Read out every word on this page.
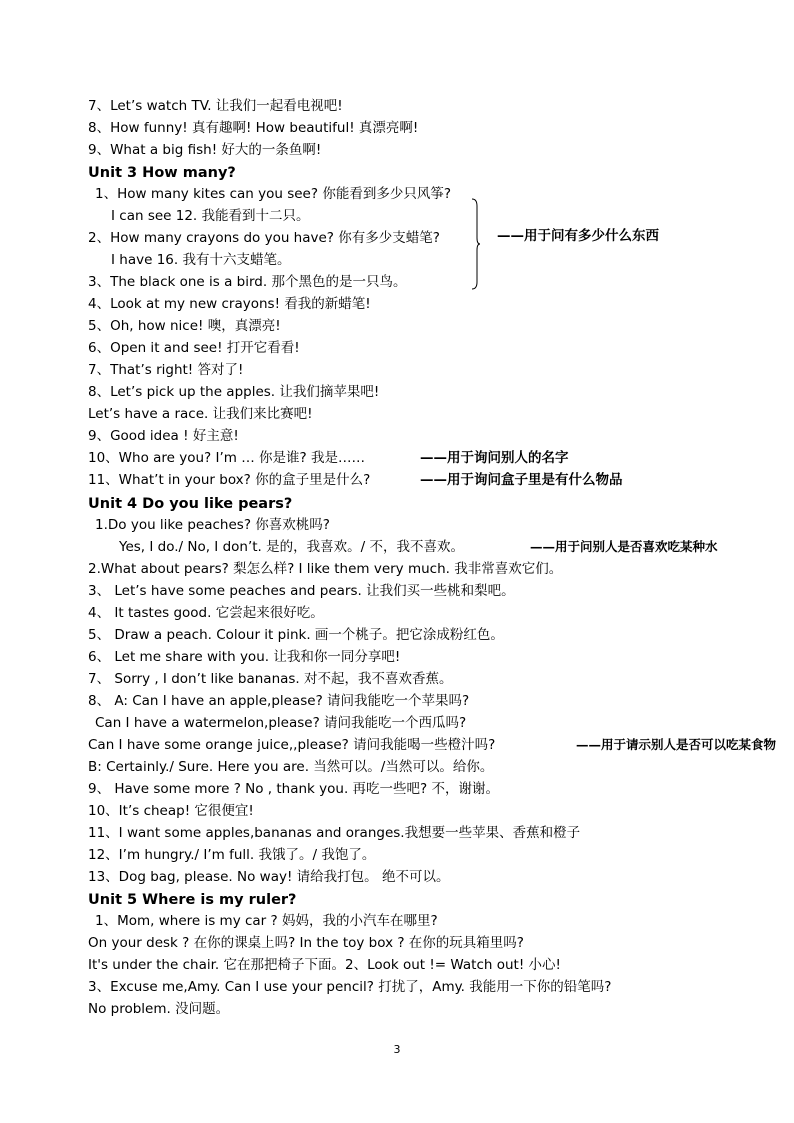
7、Let’s watch TV. 让我们一起看电视吧!
8、How funny! 真有趣啊! How beautiful! 真漂亮啊!
9、What a big fish! 好大的一条鱼啊!
Unit 3 How many?
1、How many kites can you see? 你能看到多少只风筝?
I can see 12. 我能看到十二只。
2、How many crayons do you have? 你有多少支蜡笔?
I have 16. 我有十六支蜡笔。
3、The black one is a bird. 那个黑色的是一只鸟。
4、Look at my new crayons! 看我的新蜡笔!
5、Oh, how nice! 噢，真漂亮!
6、Open it and see! 打开它看看!
7、That’s right! 答对了!
8、Let’s pick up the apples. 让我们摘苹果吧!
Let’s have a race. 让我们来比赛吧!
9、Good idea ! 好主意!
10、Who are you? I’m … 你是谁? 我是……
11、What’t in your box? 你的盒子里是什么?
——用于问有多少什么东西
——用于询问别人的名字
——用于询问盒子里是有什么物品
Unit 4 Do you like pears?
1.Do you like peaches? 你喜欢桃吗?
Yes, I do./ No, I don’t. 是的，我喜欢。/ 不，我不喜欢。	——用于问别人是否喜欢吃某种水
2.What about pears? 梨怎么样? I like them very much. 我非常喜欢它们。
3、 Let’s have some peaches and pears. 让我们买一些桃和梨吧。
4、 It tastes good. 它尝起来很好吃。
5、 Draw a peach. Colour it pink. 画一个桃子。把它涂成粉红色。
6、 Let me share with you. 让我和你一同分享吧!
7、 Sorry , I don’t like bananas. 对不起，我不喜欢香蕉。
8、 A: Can I have an apple,please? 请问我能吃一个苹果吗?
Can I have a watermelon,please? 请问我能吃一个西瓜吗?
Can I have some orange juice,,please? 请问我能喝一些橙汁吗?	——用于请示别人是否可以吃某食物
B: Certainly./ Sure. Here you are. 当然可以。/当然可以。给你。
9、 Have some more ? No , thank you. 再吃一些吧? 不，谢谢。
10、It’s cheap! 它很便宜!
11、I want some apples,bananas and oranges.我想要一些苹果、香蕉和橙子
12、I’m hungry./ I’m full. 我饿了。/ 我饱了。
13、Dog bag, please. No way! 请给我打包。 绝不可以。
Unit 5 Where is my ruler?
1、Mom, where is my car ? 妈妈，我的小汽车在哪里?
On your desk ? 在你的课桌上吗? In the toy box ? 在你的玩具箱里吗?
It's under the chair. 它在那把椅子下面。2、Look out != Watch out! 小心!
3、Excuse me,Amy. Can I use your pencil? 打扰了，Amy. 我能用一下你的铅笔吗?
No problem. 没问题。
3
